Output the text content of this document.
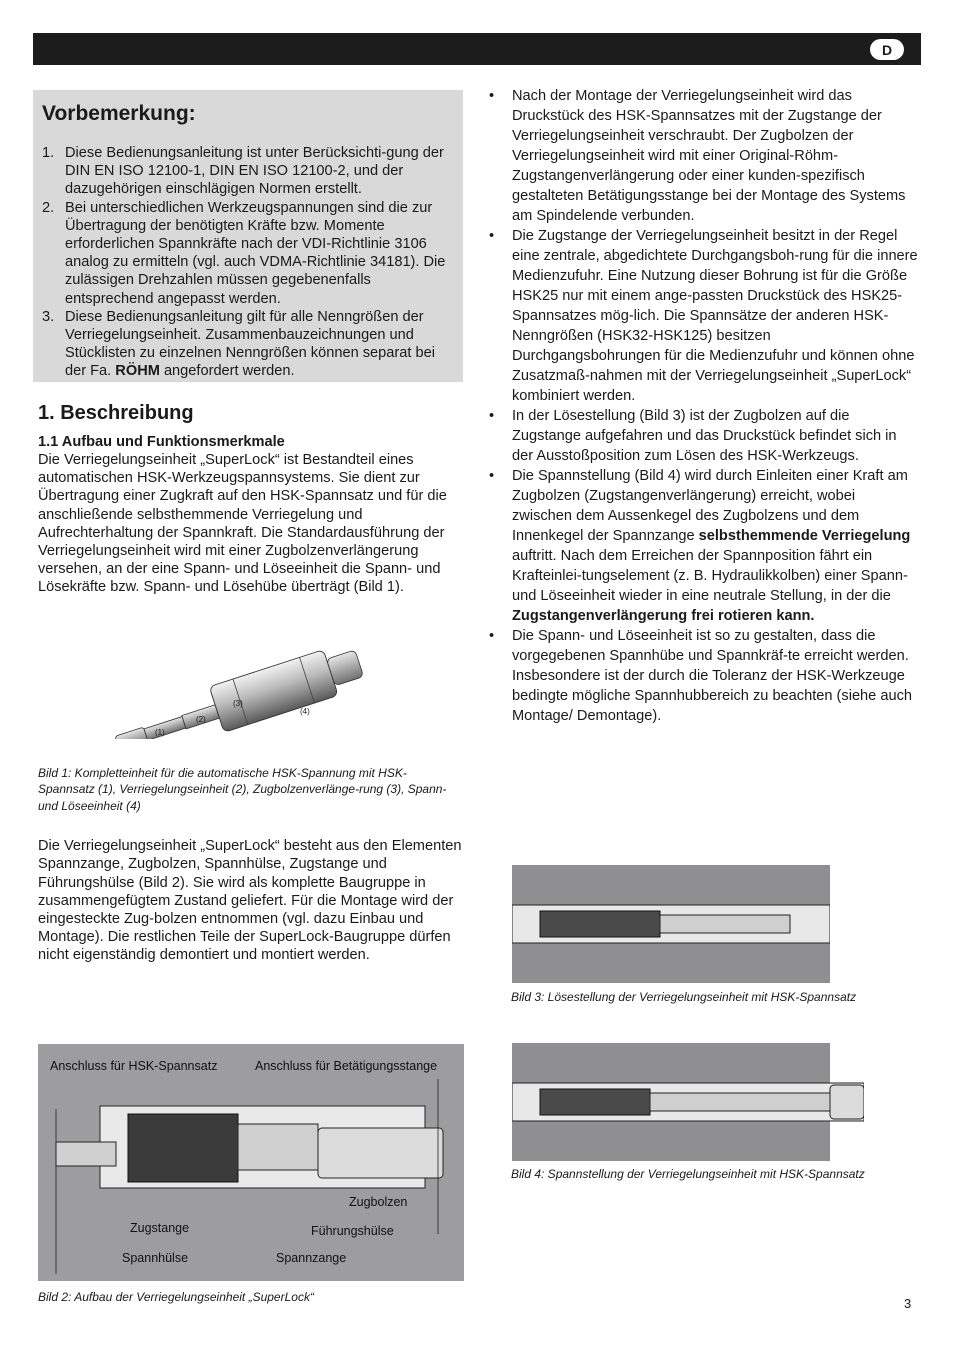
D
Vorbemerkung:
1. Diese Bedienungsanleitung ist unter Berücksichti-gung der DIN EN ISO 12100-1, DIN EN ISO 12100-2, und der dazugehörigen einschlägigen Normen erstellt.
2. Bei unterschiedlichen Werkzeugspannungen sind die zur Übertragung der benötigten Kräfte bzw. Momente erforderlichen Spannkräfte nach der VDI-Richtlinie 3106 analog zu ermitteln (vgl. auch VDMA-Richtlinie 34181). Die zulässigen Drehzahlen müssen gegebenenfalls entsprechend angepasst werden.
3. Diese Bedienungsanleitung gilt für alle Nenngrößen der Verriegelungseinheit. Zusammenbauzeichnungen und Stücklisten zu einzelnen Nenngrößen können separat bei der Fa. RÖHM angefordert werden.
1. Beschreibung
1.1 Aufbau und Funktionsmerkmale

Die Verriegelungseinheit „SuperLock“ ist Bestandteil eines automatischen HSK-Werkzeugspannsystems. Sie dient zur Übertragung einer Zugkraft auf den HSK-Spannsatz und für die anschließende selbsthemmende Verriegelung und Aufrechterhaltung der Spannkraft. Die Standardausführung der Verriegelungseinheit wird mit einer Zugbolzenverlängerung versehen, an der eine Spann- und Löseeinheit die Spann- und Lösekräfte bzw. Spann- und Lösehübe überträgt (Bild 1).

(1)
(2)
(3)
(4)

Bild 1: Kompletteinheit für die automatische HSK-Spannung mit HSK-Spannsatz (1), Verriegelungseinheit (2), Zugbolzenverlänge-rung (3), Spann- und Löseeinheit (4)

Die Verriegelungseinheit „SuperLock“ besteht aus den Elementen Spannzange, Zugbolzen, Spannhülse, Zugstange und Führungshülse (Bild 2). Sie wird als komplette Baugruppe in zusammengefügtem Zustand geliefert. Für die Montage wird der eingesteckte Zug-bolzen entnommen (vgl. dazu Einbau und Montage). Die restlichen Teile der SuperLock-Baugruppe dürfen nicht eigenständig demontiert und montiert werden.

Anschluss für HSK-Spannsatz	Anschluss für Betätigungsstange
Zugbolzen
Zugstange	Führungshülse
Spannhülse	Spannzange

Bild 2: Aufbau der Verriegelungseinheit „SuperLock“

• Nach der Montage der Verriegelungseinheit wird das Druckstück des HSK-Spannsatzes mit der Zugstange der Verriegelungseinheit verschraubt. Der Zugbolzen der Verriegelungseinheit wird mit einer Original-Röhm-Zugstangenverlängerung oder einer kunden-spezifisch gestalteten Betätigungsstange bei der Montage des Systems am Spindelende verbunden.
• Die Zugstange der Verriegelungseinheit besitzt in der Regel eine zentrale, abgedichtete Durchgangsboh-rung für die innere Medienzufuhr. Eine Nutzung dieser Bohrung ist für die Größe HSK25 nur mit einem ange-passten Druckstück des HSK25-Spannsatzes mög-lich. Die Spannsätze der anderen HSK-Nenngrößen (HSK32-HSK125) besitzen Durchgangsbohrungen für die Medienzufuhr und können ohne Zusatzmaß-nahmen mit der Verriegelungseinheit „SuperLock“ kombiniert werden.
• In der Lösestellung (Bild 3) ist der Zugbolzen auf die Zugstange aufgefahren und das Druckstück befindet sich in der Ausstoßposition zum Lösen des HSK-Werkzeugs.
• Die Spannstellung (Bild 4) wird durch Einleiten einer Kraft am Zugbolzen (Zugstangenverlängerung) erreicht, wobei zwischen dem Aussenkegel des Zugbolzens und dem Innenkegel der Spannzange selbsthemmende Verriegelung auftritt. Nach dem Erreichen der Spannposition fährt ein Krafteinlei-tungselement (z. B. Hydraulikkolben) einer Spann- und Löseeinheit wieder in eine neutrale Stellung, in der die Zugstangenverlängerung frei rotieren kann.
• Die Spann- und Löseeinheit ist so zu gestalten, dass die vorgegebenen Spannhübe und Spannkräf-te erreicht werden. Insbesondere ist der durch die Toleranz der HSK-Werkzeuge bedingte mögliche Spannhubbereich zu beachten (siehe auch Montage/ Demontage).

Bild 3: Lösestellung der Verriegelungseinheit mit HSK-Spannsatz

Bild 4: Spannstellung der Verriegelungseinheit mit HSK-Spannsatz

3
